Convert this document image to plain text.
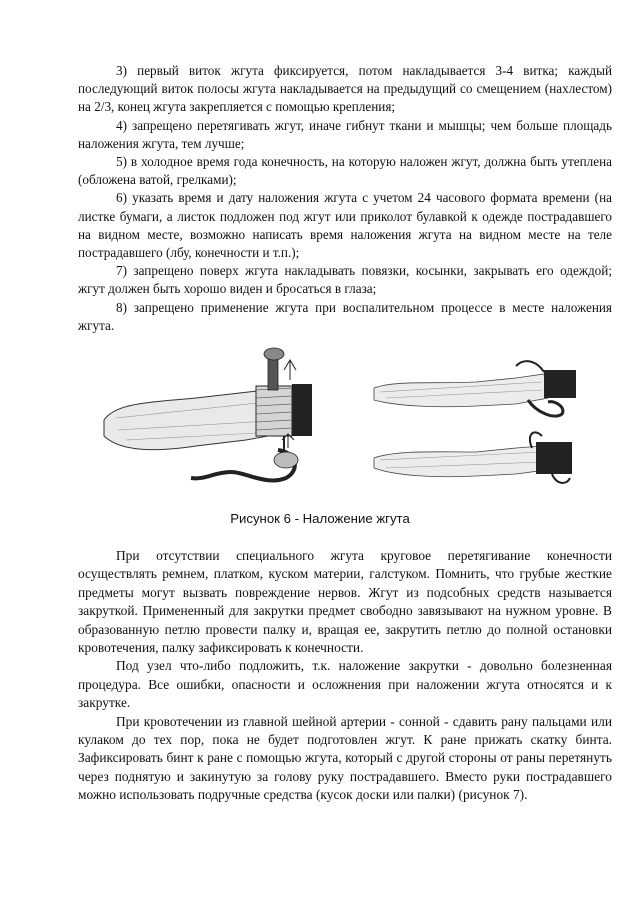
3) первый виток жгута фиксируется, потом накладывается 3-4 витка; каждый последующий виток полосы жгута накладывается на предыдущий со смещением (нахлестом) на 2/3, конец жгута закрепляется с помощью крепления;

4) запрещено перетягивать жгут, иначе гибнут ткани и мышцы; чем больше площадь наложения жгута, тем лучше;

5) в холодное время года конечность, на которую наложен жгут, должна быть утеплена (обложена ватой, грелками);

6) указать время и дату наложения жгута с учетом 24 часового формата времени (на листке бумаги, а листок подложен под жгут или приколот булавкой к одежде пострадавшего на видном месте, возможно написать время наложения жгута на видном месте на теле пострадавшего (лбу, конечности и т.п.);

7) запрещено поверх жгута накладывать повязки, косынки, закрывать его одеждой; жгут должен быть хорошо виден и бросаться в глаза;

8) запрещено применение жгута при воспалительном процессе в месте наложения жгута.

Рисунок 6 - Наложение жгута

При отсутствии специального жгута круговое перетягивание конечности осуществлять ремнем, платком, куском материи, галстуком. Помнить, что грубые жесткие предметы могут вызвать повреждение нервов. Жгут из подсобных средств называется закруткой. Примененный для закрутки предмет свободно завязывают на нужном уровне. В образованную петлю провести палку и, вращая ее, закрутить петлю до полной остановки кровотечения, палку зафиксировать к конечности.

Под узел что-либо подложить, т.к. наложение закрутки - довольно болезненная процедура. Все ошибки, опасности и осложнения при наложении жгута относятся и к закрутке.

При кровотечении из главной шейной артерии - сонной - сдавить рану пальцами или кулаком до тех пор, пока не будет подготовлен жгут. К ране прижать скатку бинта. Зафиксировать бинт к ране с помощью жгута, который с другой стороны от раны перетянуть через поднятую и закинутую за голову руку пострадавшего. Вместо руки пострадавшего можно использовать подручные средства (кусок доски или палки) (рисунок 7).
